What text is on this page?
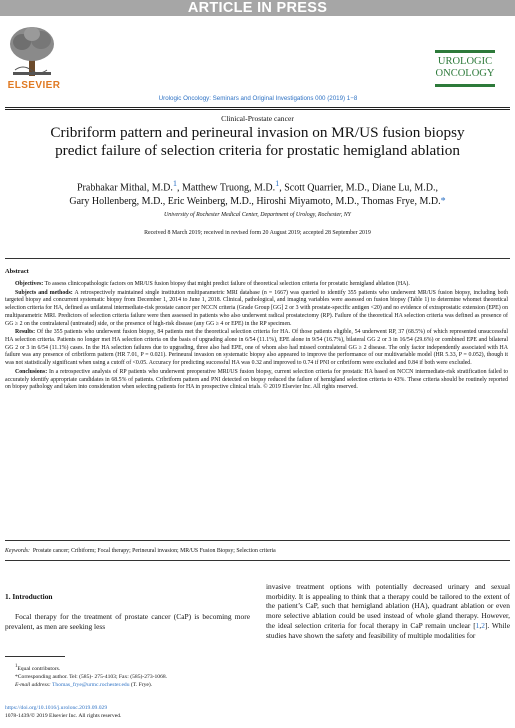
ARTICLE IN PRESS
ELSEVIER
Urologic Oncology: Seminars and Original Investigations 000 (2019) 1−8
UROLOGIC
ONCOLOGY
Clinical-Prostate cancer
Cribriform pattern and perineural invasion on MR/US fusion biopsy
predict failure of selection criteria for prostatic hemigland ablation
Prabhakar Mithal, M.D.$^1$, Matthew Truong, M.D.$^1$, Scott Quarrier, M.D., Diane Lu, M.D.,
Gary Hollenberg, M.D., Eric Weinberg, M.D., Hiroshi Miyamoto, M.D., Thomas Frye, M.D.*
University of Rochester Medical Center, Department of Urology, Rochester, NY
Received 8 March 2019; received in revised form 20 August 2019; accepted 28 September 2019
Abstract

Objectives: To assess clinicopathologic factors on MR/US fusion biopsy that might predict failure of theoretical selection criteria for prostatic hemigland ablation (HA).

Subjects and methods: A retrospectively maintained single institution multiparametric MRI database (n = 1667) was queried to identify 355 patients who underwent MR/US fusion biopsy, including both targeted biopsy and concurrent systematic biopsy from December 1, 2014 to June 1, 2018. Clinical, pathological, and imaging variables were assessed on fusion biopsy (Table 1) to determine whomet theoretical selection criteria for HA, defined as unilateral intermediate-risk prostate cancer per NCCN criteria (Grade Group [GG] 2 or 3 with prostate-specific antigen <20) and no evidence of extraprostatic extension (EPE) on multiparametric MRI. Predictors of selection criteria failure were then assessed in patients who also underwent radical prostatectomy (RP). Failure of the theoretical HA selection criteria was defined as presence of GG ≥ 2 on the contralateral (untreated) side, or the presence of high-risk disease (any GG ≥ 4 or EPE) in the RP specimen.

Results: Of the 355 patients who underwent fusion biopsy, 84 patients met the theoretical selection criteria for HA. Of those patients eligible, 54 underwent RP, 37 (68.5%) of which represented unsuccessful HA selection criteria. Patients no longer met HA selection criteria on the basis of upgrading alone in 6/54 (11.1%), EPE alone in 9/54 (16.7%), bilateral GG 2 or 3 in 16/54 (29.6%) or combined EPE and bilateral GG 2 or 3 in 6/54 (11.1%) cases. In the HA selection failures due to upgrading, three also had EPE, one of whom also had missed contralateral GG ≥ 2 disease. The only factor independently associated with HA failure was any presence of cribriform pattern (HR 7.01, P = 0.021). Perineural invasion on systematic biopsy also appeared to improve the performance of our multivariable model (HR 5.33, P = 0.052), though it was not statistically significant when using a cutoff of <0.05. Accuracy for predicting successful HA was 0.32 and improved to 0.74 if PNI or cribriform were excluded and 0.84 if both were excluded.

Conclusions: In a retrospective analysis of RP patients who underwent preoperative MRI/US fusion biopsy, current selection criteria for prostatic HA based on NCCN intermediate-risk stratification failed to accurately identify appropriate candidates in 68.5% of patients. Cribriform pattern and PNI detected on biopsy reduced the failure of hemigland selection criteria to 43%. These criteria should be routinely reported on biopsy pathology and taken into consideration when selecting patients for HA in prospective clinical trials. © 2019 Elsevier Inc. All rights reserved.

Keywords: Prostate cancer; Cribiform; Focal therapy; Perineural invasion; MR/US Fusion Biopsy; Selection criteria
1. Introduction
Focal therapy for the treatment of prostate cancer (CaP) is becoming more prevalent, as men are seeking less
invasive treatment options with potentially decreased urinary and sexual morbidity. It is appealing to think that a therapy could be tailored to the extent of the patient’s CaP, such that hemigland ablation (HA), quadrant ablation or even more selective ablation could be used instead of whole gland therapy. However, the ideal selection criteria for focal therapy in CaP remain unclear [1,2]. While studies have shown the safety and feasibility of multiple modalities for
$^1$Equal contributors.
*Corresponding author. Tel: (585)- 275-4103; Fax: (585)-273-1068.
E-mail address: Thomas_frye@urmc.rochester.edu (T. Frye).
https://doi.org/10.1016/j.urolonc.2019.09.029
1078-1439/© 2019 Elsevier Inc. All rights reserved.
